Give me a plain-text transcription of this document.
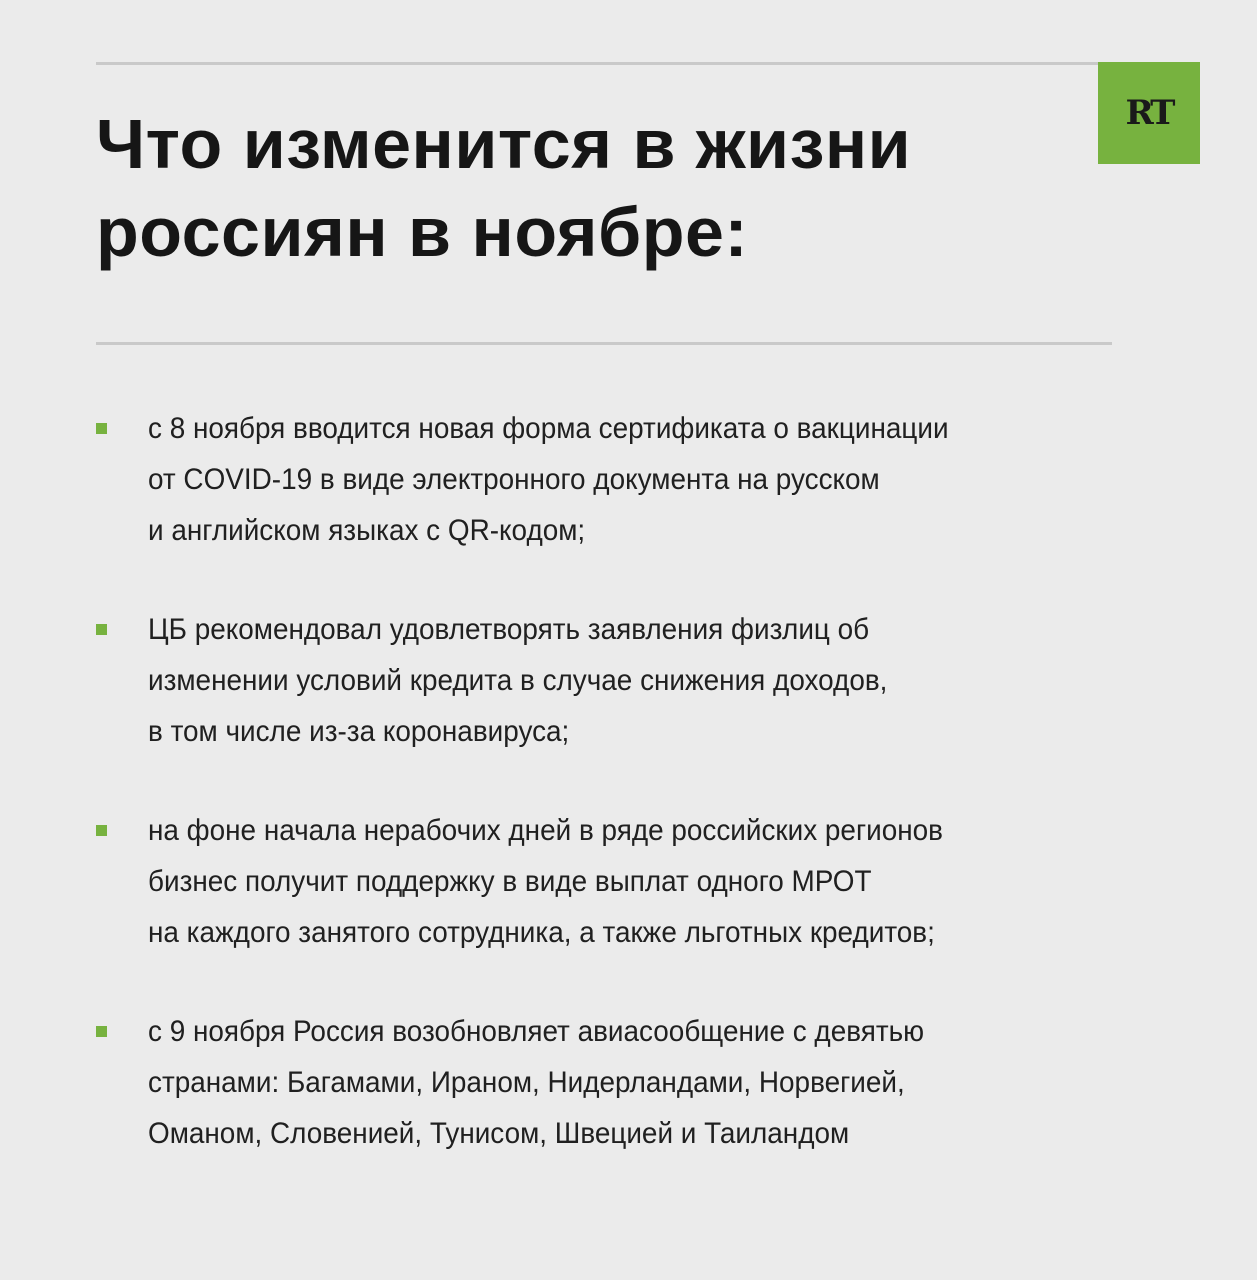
RT
Что изменится в жизни
россиян в ноябре:
с 8 ноября вводится новая форма сертификата о вакцинации
от COVID-19 в виде электронного документа на русском
и английском языках с QR-кодом;
ЦБ рекомендовал удовлетворять заявления физлиц об
изменении условий кредита в случае снижения доходов,
в том числе из-за коронавируса;
на фоне начала нерабочих дней в ряде российских регионов
бизнес получит поддержку в виде выплат одного МРОТ
на каждого занятого сотрудника, а также льготных кредитов;
с 9 ноября Россия возобновляет авиасообщение с девятью
странами: Багамами, Ираном, Нидерландами, Норвегией,
Оманом, Словенией, Тунисом, Швецией и Таиландом
